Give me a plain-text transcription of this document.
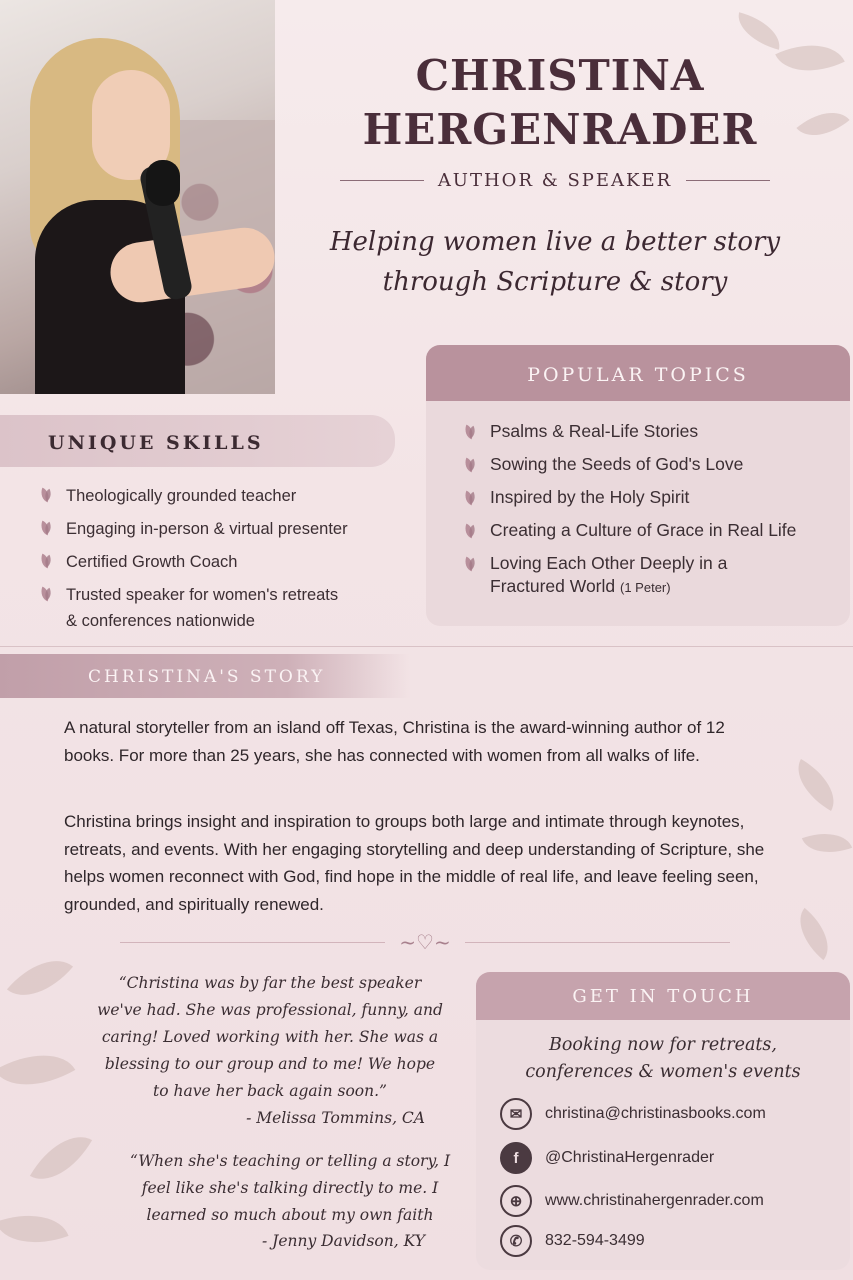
CHRISTINA
HERGENRADER
AUTHOR & SPEAKER
Helping women live a better story
through Scripture & story
POPULAR TOPICS
Psalms & Real-Life Stories
Sowing the Seeds of God's Love
Inspired by the Holy Spirit
Creating a Culture of Grace in Real Life
Loving Each Other Deeply in a
Fractured World (1 Peter)
UNIQUE SKILLS
Theologically grounded teacher
Engaging in-person & virtual presenter
Certified Growth Coach
Trusted speaker for women's retreats
& conferences nationwide
CHRISTINA'S STORY

A natural storyteller from an island off Texas, Christina is the award-winning author of 12 books. For more than 25 years, she has connected with women from all walks of life.

Christina brings insight and inspiration to groups both large and intimate through keynotes, retreats, and events. With her engaging storytelling and deep understanding of Scripture, she helps women reconnect with God, find hope in the middle of real life, and leave feeling seen, grounded, and spiritually renewed.

~♡~

“Christina was by far the best speaker we've had. She was professional, funny, and caring! Loved working with her. She was a blessing to our group and to me! We hope to have her back again soon.”

- Melissa Tommins, CA

“When she's teaching or telling a story, I feel like she's talking directly to me. I learned so much about my own faith

- Jenny Davidson, KY

GET IN TOUCH
Booking now for retreats,
conferences & women's events
✉	christina@christinasbooks.com
f	@ChristinaHergenrader
⊕	www.christinahergenrader.com
✆	832-594-3499
